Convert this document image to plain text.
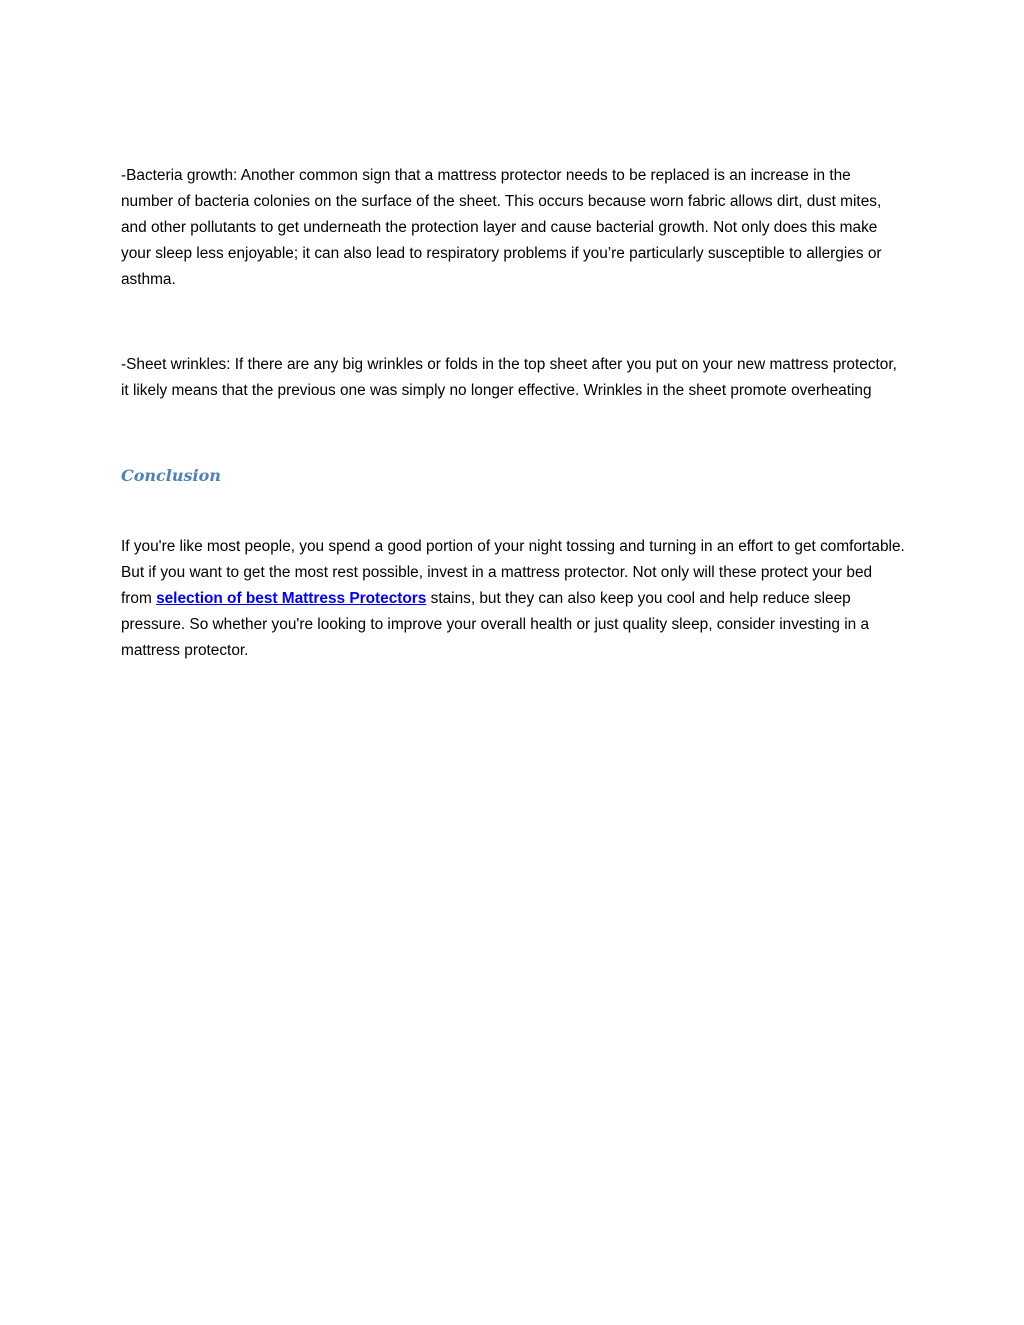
-Bacteria growth: Another common sign that a mattress protector needs to be replaced is an increase in the number of bacteria colonies on the surface of the sheet. This occurs because worn fabric allows dirt, dust mites, and other pollutants to get underneath the protection layer and cause bacterial growth. Not only does this make your sleep less enjoyable; it can also lead to respiratory problems if you’re particularly susceptible to allergies or asthma.

-Sheet wrinkles: If there are any big wrinkles or folds in the top sheet after you put on your new mattress protector, it likely means that the previous one was simply no longer effective. Wrinkles in the sheet promote overheating

Conclusion

If you're like most people, you spend a good portion of your night tossing and turning in an effort to get comfortable. But if you want to get the most rest possible, invest in a mattress protector. Not only will these protect your bed from selection of best Mattress Protectors stains, but they can also keep you cool and help reduce sleep pressure. So whether you're looking to improve your overall health or just quality sleep, consider investing in a mattress protector.
